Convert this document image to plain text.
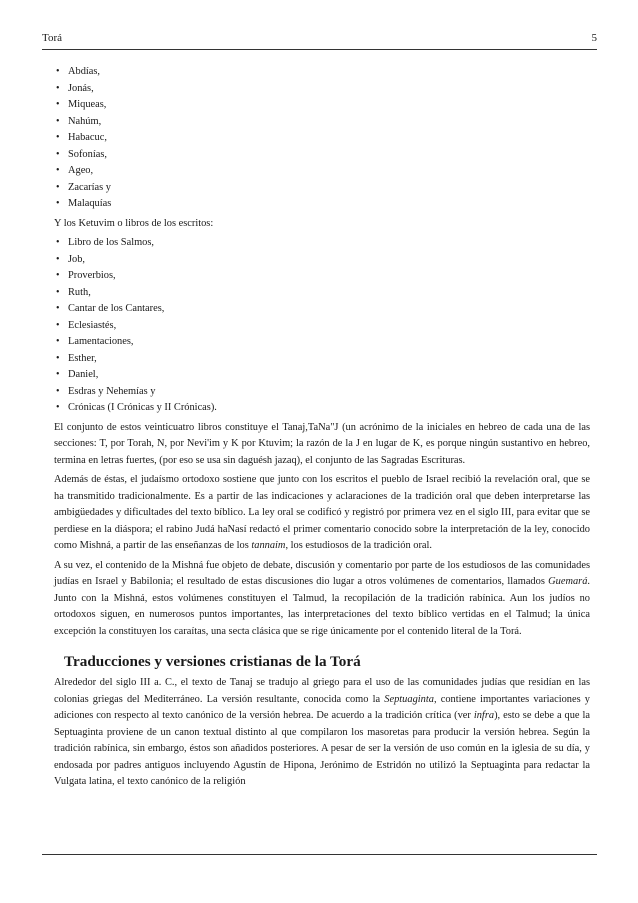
Torá	5
• Abdías,
• Jonás,
• Miqueas,
• Nahúm,
• Habacuc,
• Sofonías,
• Ageo,
• Zacarías y
• Malaquías

Y los Ketuvim o libros de los escritos:

• Libro de los Salmos,
• Job,
• Proverbios,
• Ruth,
• Cantar de los Cantares,
• Eclesiastés,
• Lamentaciones,
• Esther,
• Daniel,
• Esdras y Nehemías y
• Crónicas (I Crónicas y II Crónicas).

El conjunto de estos veinticuatro libros constituye el Tanaj,TaNa"J (un acrónimo de la iniciales en hebreo de cada una de las secciones: T, por Torah, N, por Nevi'im y K por Ktuvim; la razón de la J en lugar de K, es porque ningún sustantivo en hebreo, termina en letras fuertes, (por eso se usa sin daguésh jazaq), el conjunto de las Sagradas Escrituras.

Además de éstas, el judaísmo ortodoxo sostiene que junto con los escritos el pueblo de Israel recibió la revelación oral, que se ha transmitido tradicionalmente. Es a partir de las indicaciones y aclaraciones de la tradición oral que deben interpretarse las ambigüedades y dificultades del texto bíblico. La ley oral se codificó y registró por primera vez en el siglo III, para evitar que se perdiese en la diáspora; el rabino Judá haNasí redactó el primer comentario conocido sobre la interpretación de la ley, conocido como Mishná, a partir de las enseñanzas de los tannaim, los estudiosos de la tradición oral.

A su vez, el contenido de la Mishná fue objeto de debate, discusión y comentario por parte de los estudiosos de las comunidades judías en Israel y Babilonia; el resultado de estas discusiones dio lugar a otros volúmenes de comentarios, llamados Guemará. Junto con la Mishná, estos volúmenes constituyen el Talmud, la recopilación de la tradición rabínica. Aun los judíos no ortodoxos siguen, en numerosos puntos importantes, las interpretaciones del texto bíblico vertidas en el Talmud; la única excepción la constituyen los caraítas, una secta clásica que se rige únicamente por el contenido literal de la Torá.

Traducciones y versiones cristianas de la Torá

Alrededor del siglo III a. C., el texto de Tanaj se tradujo al griego para el uso de las comunidades judías que residían en las colonias griegas del Mediterráneo. La versión resultante, conocida como la Septuaginta, contiene importantes variaciones y adiciones con respecto al texto canónico de la versión hebrea. De acuerdo a la tradición crítica (ver infra), esto se debe a que la Septuaginta proviene de un canon textual distinto al que compilaron los masoretas para producir la versión hebrea. Según la tradición rabínica, sin embargo, éstos son añadidos posteriores. A pesar de ser la versión de uso común en la iglesia de su día, y endosada por padres antiguos incluyendo Agustín de Hipona, Jerónimo de Estridón no utilizó la Septuaginta para redactar la Vulgata latina, el texto canónico de la religión
